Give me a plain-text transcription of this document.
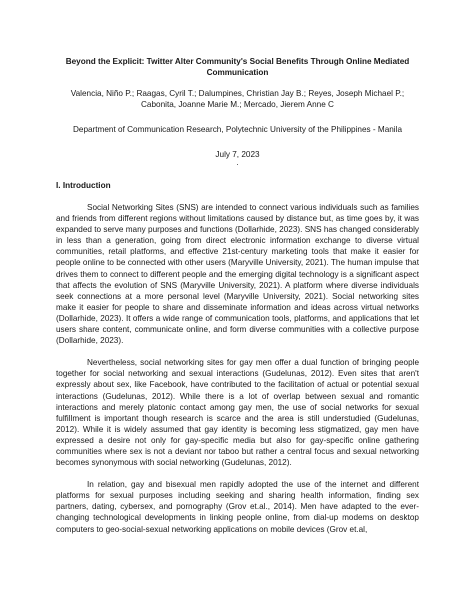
Beyond the Explicit: Twitter Alter Community's Social Benefits Through Online Mediated Communication
Valencia, Niño P.; Raagas, Cyril T.; Dalumpines, Christian Jay B.; Reyes, Joseph Michael P.; Cabonita, Joanne Marie M.; Mercado, Jierem Anne C
Department of Communication Research, Polytechnic University of the Philippines - Manila
July 7, 2023
.
I. Introduction

Social Networking Sites (SNS) are intended to connect various individuals such as families and friends from different regions without limitations caused by distance but, as time goes by, it was expanded to serve many purposes and functions (Dollarhide, 2023). SNS has changed considerably in less than a generation, going from direct electronic information exchange to diverse virtual communities, retail platforms, and effective 21st-century marketing tools that make it easier for people online to be connected with other users (Maryville University, 2021). The human impulse that drives them to connect to different people and the emerging digital technology is a significant aspect that affects the evolution of SNS (Maryville University, 2021). A platform where diverse individuals seek connections at a more personal level (Maryville University, 2021). Social networking sites make it easier for people to share and disseminate information and ideas across virtual networks (Dollarhide, 2023). It offers a wide range of communication tools, platforms, and applications that let users share content, communicate online, and form diverse communities with a collective purpose (Dollarhide, 2023).

Nevertheless, social networking sites for gay men offer a dual function of bringing people together for social networking and sexual interactions (Gudelunas, 2012). Even sites that aren't expressly about sex, like Facebook, have contributed to the facilitation of actual or potential sexual interactions (Gudelunas, 2012). While there is a lot of overlap between sexual and romantic interactions and merely platonic contact among gay men, the use of social networks for sexual fulfillment is important though research is scarce and the area is still understudied (Gudelunas, 2012). While it is widely assumed that gay identity is becoming less stigmatized, gay men have expressed a desire not only for gay-specific media but also for gay-specific online gathering communities where sex is not a deviant nor taboo but rather a central focus and sexual networking becomes synonymous with social networking (Gudelunas, 2012).

In relation, gay and bisexual men rapidly adopted the use of the internet and different platforms for sexual purposes including seeking and sharing health information, finding sex partners, dating, cybersex, and pornography (Grov et.al., 2014). Men have adapted to the ever-changing technological developments in linking people online, from dial-up modems on desktop computers to geo-social-sexual networking applications on mobile devices (Grov et.al,
